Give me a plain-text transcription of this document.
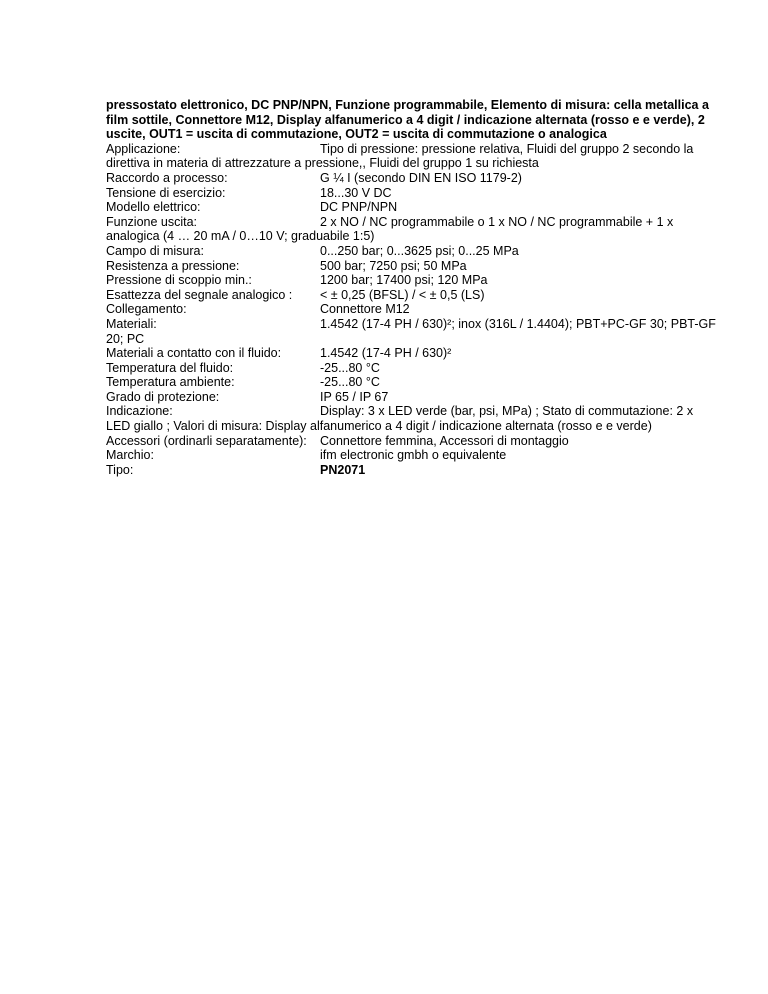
pressostato elettronico, DC PNP/NPN, Funzione programmabile, Elemento di misura: cella metallica a film sottile, Connettore M12, Display alfanumerico a 4 digit / indicazione alternata (rosso e e verde), 2 uscite, OUT1 = uscita di commutazione, OUT2 = uscita di commutazione o analogica

Applicazione:	Tipo di pressione: pressione relativa, Fluidi del gruppo 2 secondo la direttiva in materia di attrezzature a pressione,, Fluidi del gruppo 1 su richiesta
Raccordo a processo:	G ¼ I (secondo DIN EN ISO 1179-2)
Tensione di esercizio:	18...30 V DC
Modello elettrico:	DC PNP/NPN
Funzione uscita:	2 x NO / NC programmabile o 1 x NO / NC programmabile + 1 x analogica (4 … 20 mA / 0…10 V; graduabile 1:5)
Campo di misura:	0...250 bar; 0...3625 psi; 0...25 MPa
Resistenza a pressione:	500 bar; 7250 psi; 50 MPa
Pressione di scoppio min.:	1200 bar; 17400 psi; 120 MPa
Esattezza del segnale analogico : < ± 0,25 (BFSL) / < ± 0,5 (LS)
Collegamento:	Connettore M12
Materiali:	1.4542 (17-4 PH / 630)²; inox (316L / 1.4404); PBT+PC-GF 30; PBT-GF 20; PC
Materiali a contatto con il fluido:	1.4542 (17-4 PH / 630)²
Temperatura del fluido:	-25...80 °C
Temperatura ambiente:	-25...80 °C
Grado di protezione:	IP 65 / IP 67
Indicazione:	Display: 3 x LED verde (bar, psi, MPa) ; Stato di commutazione: 2 x LED giallo ; Valori di misura: Display alfanumerico a 4 digit / indicazione alternata (rosso e e verde)
Accessori (ordinarli separatamente): Connettore femmina, Accessori di montaggio
Marchio:	ifm electronic gmbh o equivalente
Tipo:	PN2071
